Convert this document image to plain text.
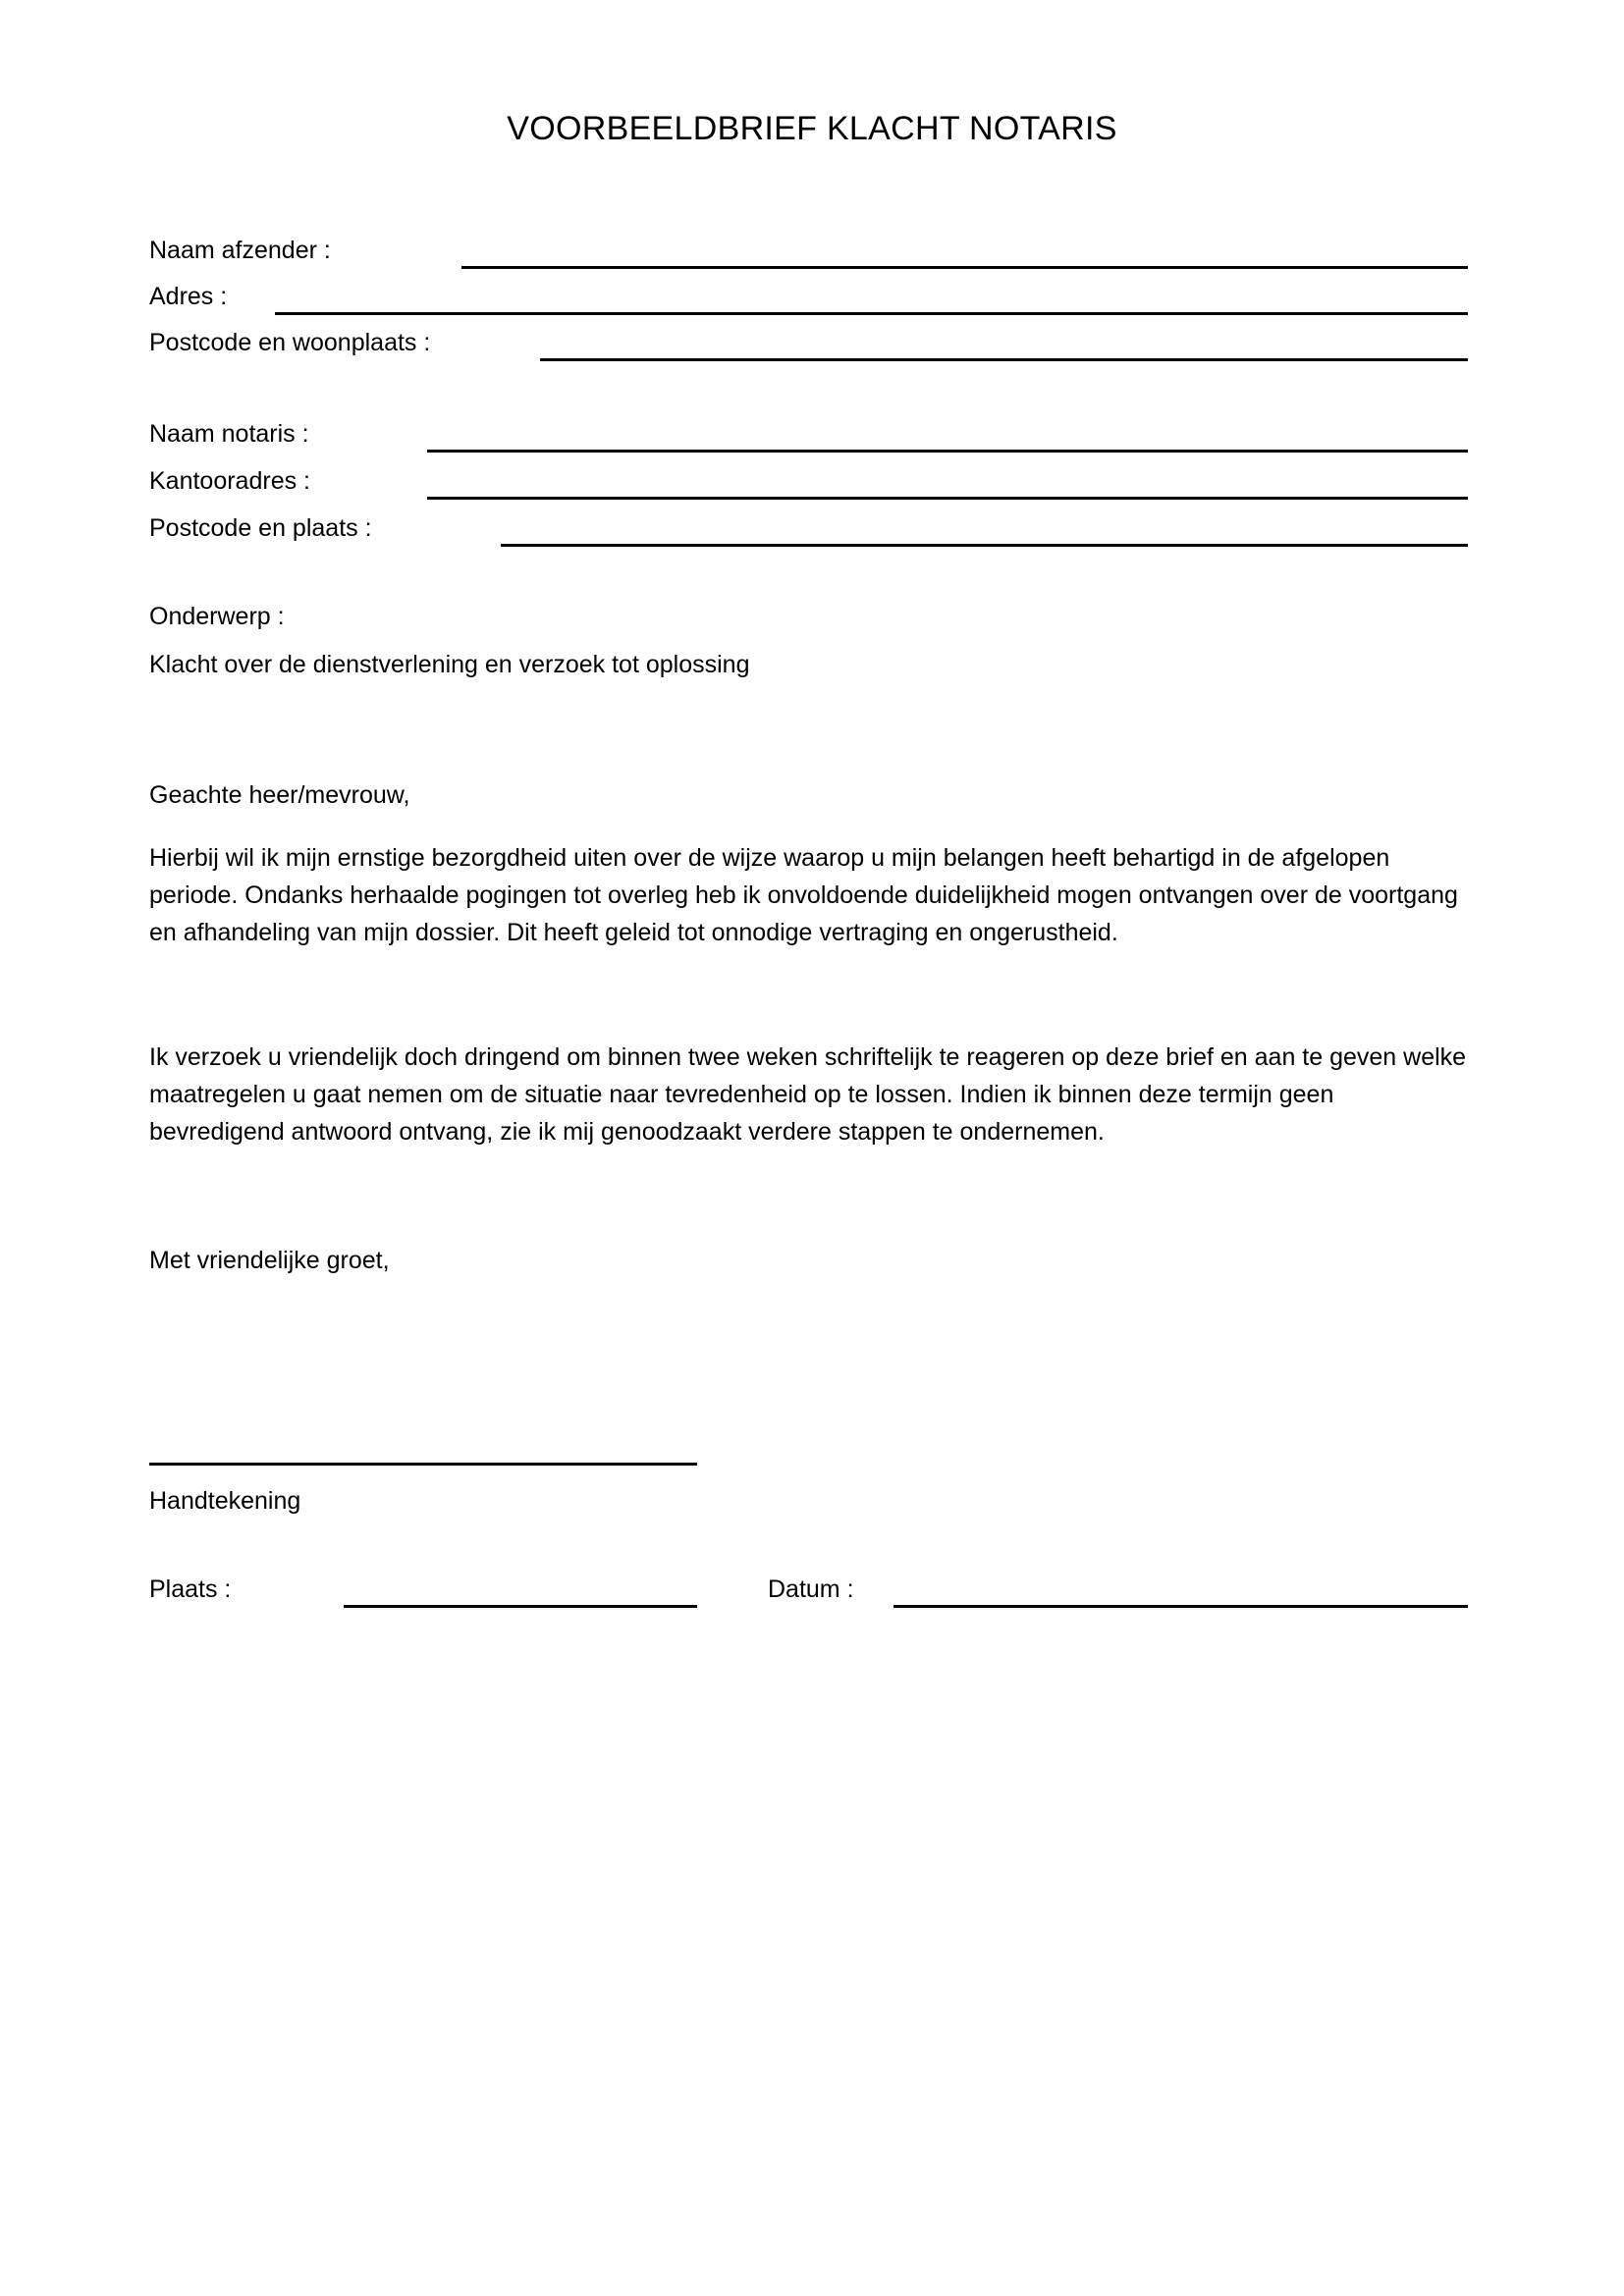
VOORBEELDBRIEF KLACHT NOTARIS
Naam afzender :
Adres :
Postcode en woonplaats :
Naam notaris :
Kantooradres :
Postcode en plaats :
Onderwerp :
Klacht over de dienstverlening en verzoek tot oplossing
Geachte heer/mevrouw,
Hierbij wil ik mijn ernstige bezorgdheid uiten over de wijze waarop u mijn belangen heeft behartigd in de afgelopen periode. Ondanks herhaalde pogingen tot overleg heb ik onvoldoende duidelijkheid mogen ontvangen over de voortgang en afhandeling van mijn dossier. Dit heeft geleid tot onnodige vertraging en ongerustheid.
Ik verzoek u vriendelijk doch dringend om binnen twee weken schriftelijk te reageren op deze brief en aan te geven welke maatregelen u gaat nemen om de situatie naar tevredenheid op te lossen. Indien ik binnen deze termijn geen bevredigend antwoord ontvang, zie ik mij genoodzaakt verdere stappen te ondernemen.
Met vriendelijke groet,
Handtekening
Plaats :	Datum :
